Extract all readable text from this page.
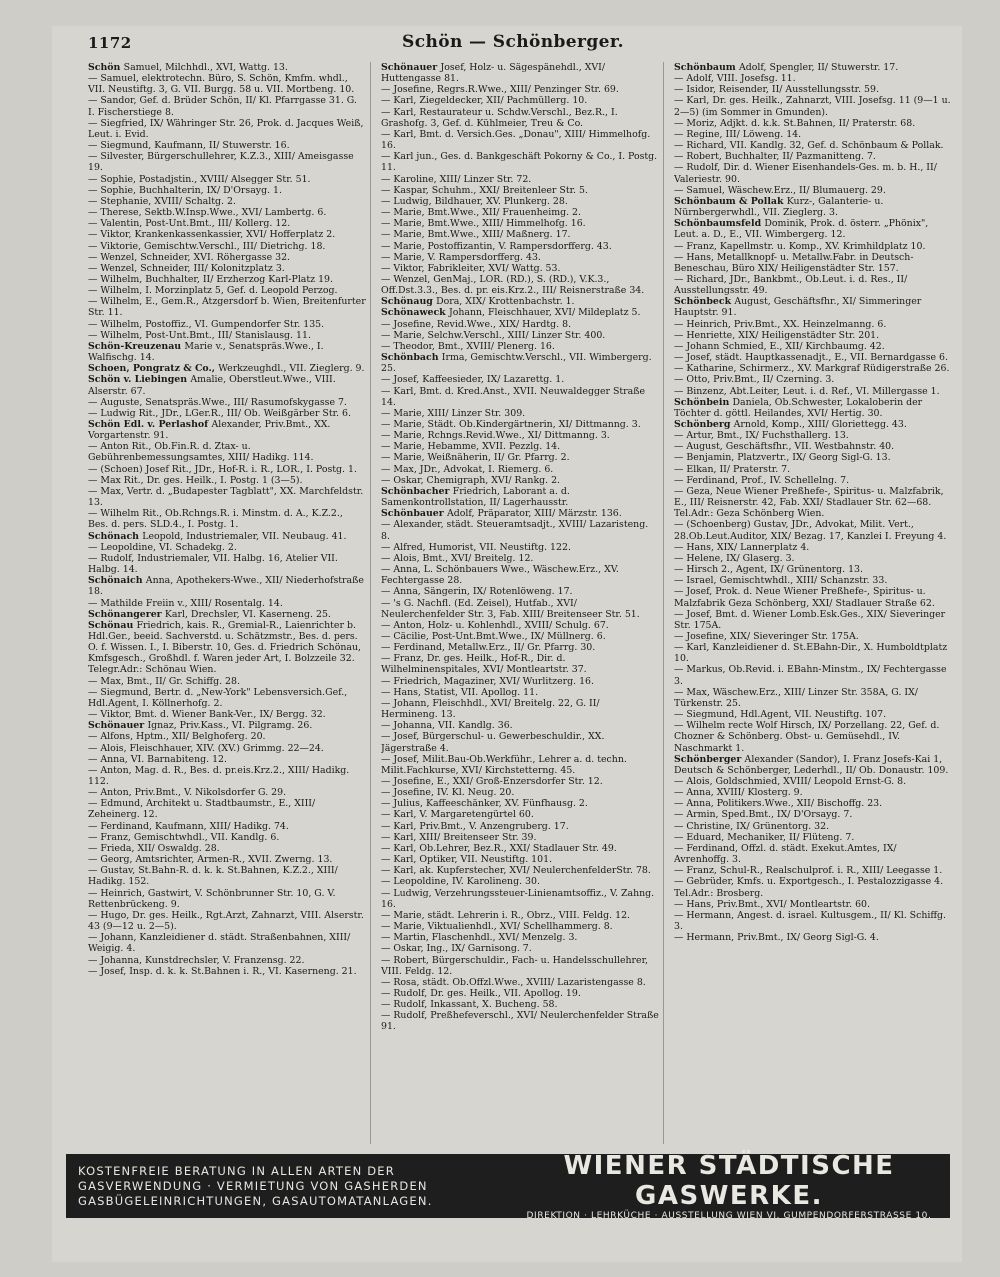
1172	Schön — Schönberger.

Schön Samuel, Milchhdl., XVI, Wattg. 13.

— Samuel, elektrotechn. Büro, S. Schön, Kmfm. whdl., VII. Neustiftg. 3, G. VII. Burgg. 58 u. VII. Mortbeng. 10.

— Sandor, Gef. d. Brüder Schön, II/ Kl. Pfarrgasse 31. G. I. Fischerstiege 8.

— Siegfried, IX/ Währinger Str. 26, Prok. d. Jacques Weiß, Leut. i. Evid.

— Siegmund, Kaufmann, II/ Stuwerstr. 16.

— Silvester, Bürgerschullehrer, K.Z.3., XIII/ Ameisgasse 19.

— Sophie, Postadjstin., XVIII/ Alsegger Str. 51.

— Sophie, Buchhalterin, IX/ D'Orsayg. 1.

— Stephanie, XVIII/ Schaltg. 2.

— Therese, Sektb.W.Insp.Wwe., XVI/ Lambertg. 6.

— Valentin, Post-Unt.Bmt., III/ Kollerg. 12.

— Viktor, Krankenkassenkassier, XVI/ Hofferplatz 2.

— Viktorie, Gemischtw.Verschl., III/ Dietrichg. 18.

— Wenzel, Schneider, XVI. Röhergasse 32.

— Wenzel, Schneider, III/ Kolonitzplatz 3.

— Wilhelm, Buchhalter, II/ Erzherzog Karl-Platz 19.

— Wilhelm, I. Morzinplatz 5, Gef. d. Leopold Perzog.

— Wilhelm, E., Gem.R., Atzgersdorf b. Wien, Breitenfurter Str. 11.

— Wilhelm, Postoffiz., VI. Gumpendorfer Str. 135.

— Wilhelm, Post-Unt.Bmt., III/ Stanislausg. 11.

Schön-Kreuzenau Marie v., Senatspräs.Wwe., I. Walfischg. 14.

Schoen, Pongratz & Co., Werkzeughdl., VII. Zieglerg. 9.

Schön v. Liebingen Amalie, Oberstleut.Wwe., VIII. Alserstr. 67.

— Auguste, Senatspräs.Wwe., III/ Rasumofskygasse 7.

— Ludwig Rit., JDr., LGer.R., III/ Ob. Weißgärber Str. 6.

Schön Edl. v. Perlashof Alexander, Priv.Bmt., XX. Vorgartenstr. 91.

— Anton Rit., Ob.Fin.R. d. Ztax- u. Gebührenbemessungsamtes, XIII/ Hadikg. 114.

— (Schoen) Josef Rit., JDr., Hof-R. i. R., LOR., I. Postg. 1.

— Max Rit., Dr. ges. Heilk., I. Postg. 1 (3—5).

— Max, Vertr. d. „Budapester Tagblatt", XX. Marchfeldstr. 13.

— Wilhelm Rit., Ob.Rchngs.R. i. Minstm. d. A., K.Z.2., Bes. d. pers. SLD.4., I. Postg. 1.

Schönach Leopold, Industriemaler, VII. Neubaug. 41.

— Leopoldine, VI. Schadekg. 2.

— Rudolf, Industriemaler, VII. Halbg. 16, Atelier VII. Halbg. 14.

Schönaich Anna, Apothekers-Wwe., XII/ Niederhofstraße 18.

— Mathilde Freiin v., XIII/ Rosentalg. 14.

Schönangerer Karl, Drechsler, VI. Kaserneng. 25.

Schönau Friedrich, kais. R., Gremial-R., Laienrichter b. Hdl.Ger., beeid. Sachverstd. u. Schätzmstr., Bes. d. pers. O. f. Wissen. I., I. Biberstr. 10, Ges. d. Friedrich Schönau, Kmfsgesch., Großhdl. f. Waren jeder Art, I. Bolzzeile 32. Telegr.Adr.: Schönau Wien.

— Max, Bmt., II/ Gr. Schiffg. 28.

— Siegmund, Bertr. d. „New-York" Lebensversich.Gef., Hdl.Agent, I. Köllnerhofg. 2.

— Viktor, Bmt. d. Wiener Bank-Ver., IX/ Bergg. 32.

Schönauer Ignaz, Priv.Kass., VI. Pilgramg. 26.

— Alfons, Hptm., XII/ Belghoferg. 20.

— Alois, Fleischhauer, XIV. (XV.) Grimmg. 22—24.

— Anna, VI. Barnabiteng. 12.

— Anton, Mag. d. R., Bes. d. pr.eis.Krz.2., XIII/ Hadikg. 112.

— Anton, Priv.Bmt., V. Nikolsdorfer G. 29.

— Edmund, Architekt u. Stadtbaumstr., E., XIII/ Zeheinerg. 12.

— Ferdinand, Kaufmann, XIII/ Hadikg. 74.

— Franz, Gemischtwhdl., VII. Kandlg. 6.

— Frieda, XII/ Oswaldg. 28.

— Georg, Amtsrichter, Armen-R., XVII. Zwerng. 13.

— Gustav, St.Bahn-R. d. k. k. St.Bahnen, K.Z.2., XIII/ Hadikg. 152.

— Heinrich, Gastwirt, V. Schönbrunner Str. 10, G. V. Rettenbrückeng. 9.

— Hugo, Dr. ges. Heilk., Rgt.Arzt, Zahnarzt, VIII. Alserstr. 43 (9—12 u. 2—5).

— Johann, Kanzleidiener d. städt. Straßenbahnen, XIII/ Weigig. 4.

— Johanna, Kunstdrechsler, V. Franzensg. 22.

— Josef, Insp. d. k. k. St.Bahnen i. R., VI. Kaserneng. 21.

Schönauer Josef, Holz- u. Sägespänehdl., XVI/ Huttengasse 81.

— Josefine, Regrs.R.Wwe., XIII/ Penzinger Str. 69.

— Karl, Ziegeldecker, XII/ Pachmüllerg. 10.

— Karl, Restaurateur u. Schdw.Verschl., Bez.R., I. Grashofg. 3, Gef. d. Kühlmeier, Treu & Co.

— Karl, Bmt. d. Versich.Ges. „Donau", XIII/ Himmelhofg. 16.

— Karl jun., Ges. d. Bankgeschäft Pokorny & Co., I. Postg. 11.

— Karoline, XIII/ Linzer Str. 72.

— Kaspar, Schuhm., XXI/ Breitenleer Str. 5.

— Ludwig, Bildhauer, XV. Plunkerg. 28.

— Marie, Bmt.Wwe., XII/ Frauenheimg. 2.

— Marie, Bmt.Wwe., XIII/ Himmelhofg. 16.

— Marie, Bmt.Wwe., XIII/ Maßnerg. 17.

— Marie, Postoffizantin, V. Rampersdorfferg. 43.

— Marie, V. Rampersdorfferg. 43.

— Viktor, Fabrikleiter, XVI/ Wattg. 53.

— Wenzel, GenMaj., LOR. (RD.), S. (RD.), V.K.3., Off.Dst.3.3., Bes. d. pr. eis.Krz.2., III/ Reisnerstraße 34.

Schönaug Dora, XIX/ Krottenbachstr. 1.

Schönaweck Johann, Fleischhauer, XVI/ Mildeplatz 5.

— Josefine, Revid.Wwe., XIX/ Hardtg. 8.

— Marie, Selchw.Verschl., XIII/ Linzer Str. 400.

— Theodor, Bmt., XVIII/ Plenerg. 16.

Schönbach Irma, Gemischtw.Verschl., VII. Wimbergerg. 25.

— Josef, Kaffeesieder, IX/ Lazarettg. 1.

— Karl, Bmt. d. Kred.Anst., XVII. Neuwaldegger Straße 14.

— Marie, XIII/ Linzer Str. 309.

— Marie, Städt. Ob.Kindergärtnerin, XI/ Dittmanng. 3.

— Marie, Rchngs.Revid.Wwe., XI/ Dittmanng. 3.

— Marie, Hebamme, XVII. Pezzlg. 14.

— Marie, Weißnäherin, II/ Gr. Pfarrg. 2.

— Max, JDr., Advokat, I. Riemerg. 6.

— Oskar, Chemigraph, XVI/ Rankg. 2.

Schönbacher Friedrich, Laborant a. d. Samenkontrollstation, II/ Lagerhausstr.

Schönbauer Adolf, Präparator, XIII/ Märzstr. 136.

— Alexander, städt. Steueramtsadjt., XVIII/ Lazaristeng. 8.

— Alfred, Humorist, VII. Neustiftg. 122.

— Alois, Bmt., XVI/ Breitelg. 12.

— Anna, L. Schönbauers Wwe., Wäschew.Erz., XV. Fechtergasse 28.

— Anna, Sängerin, IX/ Rotenlöweng. 17.

— 's G. Nachfl. (Ed. Zeisel), Hutfab., XVI/ Neulerchenfelder Str. 3, Fab. XIII/ Breitenseer Str. 51.

— Anton, Holz- u. Kohlenhdl., XVIII/ Schulg. 67.

— Cäcilie, Post-Unt.Bmt.Wwe., IX/ Müllnerg. 6.

— Ferdinand, Metallw.Erz., II/ Gr. Pfarrg. 30.

— Franz, Dr. ges. Heilk., Hof-R., Dir. d. Wilhelminenspitales, XVI/ Montleartstr. 37.

— Friedrich, Magaziner, XVI/ Wurlitzerg. 16.

— Hans, Statist, VII. Apollog. 11.

— Johann, Fleischhdl., XVI/ Breitelg. 22, G. II/ Hermineng. 13.

— Johanna, VII. Kandlg. 36.

— Josef, Bürgerschul- u. Gewerbeschuldir., XX. Jägerstraße 4.

— Josef, Milit.Bau-Ob.Werkführ., Lehrer a. d. techn. Milit.Fachkurse, XVI/ Kirchstetterng. 45.

— Josefine, E., XXI/ Groß-Enzersdorfer Str. 12.

— Josefine, IV. Kl. Neug. 20.

— Julius, Kaffeeschänker, XV. Fünfhausg. 2.

— Karl, V. Margaretengürtel 60.

— Karl, Priv.Bmt., V. Anzengruberg. 17.

— Karl, XIII/ Breitenseer Str. 39.

— Karl, Ob.Lehrer, Bez.R., XXI/ Stadlauer Str. 49.

— Karl, Optiker, VII. Neustiftg. 101.

— Karl, ak. Kupferstecher, XVI/ NeulerchenfelderStr. 78.

— Leopoldine, IV. Karolineng. 30.

— Ludwig, Verzehrungssteuer-Linienamtsoffiz., V. Zahng. 16.

— Marie, städt. Lehrerin i. R., Obrz., VIII. Feldg. 12.

— Marie, Viktualienhdl., XVI/ Schellhammerg. 8.

— Martin, Flaschenhdl., XVI/ Menzelg. 3.

— Oskar, Ing., IX/ Garnisong. 7.

— Robert, Bürgerschuldir., Fach- u. Handelsschullehrer, VIII. Feldg. 12.

— Rosa, städt. Ob.Offzl.Wwe., XVIII/ Lazaristengasse 8.

— Rudolf, Dr. ges. Heilk., VII. Apollog. 19.

— Rudolf, Inkassant, X. Bucheng. 58.

— Rudolf, Preßhefeverschl., XVI/ Neulerchenfelder Straße 91.

Schönbaum Adolf, Spengler, II/ Stuwerstr. 17.

— Adolf, VIII. Josefsg. 11.

— Isidor, Reisender, II/ Ausstellungsstr. 59.

— Karl, Dr. ges. Heilk., Zahnarzt, VIII. Josefsg. 11 (9—1 u. 2—5) (im Sommer in Gmunden).

— Moriz, Adjkt. d. k.k. St.Bahnen, II/ Praterstr. 68.

— Regine, III/ Löweng. 14.

— Richard, VII. Kandlg. 32, Gef. d. Schönbaum & Pollak.

— Robert, Buchhalter, II/ Pazmanitteng. 7.

— Rudolf, Dir. d. Wiener Eisenhandels-Ges. m. b. H., II/ Valeriestr. 90.

— Samuel, Wäschew.Erz., II/ Blumauerg. 29.

Schönbaum & Pollak Kurz-, Galanterie- u. Nürnbergerwhdl., VII. Zieglerg. 3.

Schönbaumsfeld Dominik, Prok. d. österr. „Phönix", Leut. a. D., E., VII. Wimbergerg. 12.

— Franz, Kapellmstr. u. Komp., XV. Krimhildplatz 10.

— Hans, Metallknopf- u. Metallw.Fabr. in Deutsch-Beneschau, Büro XIX/ Heiligenstädter Str. 157.

— Richard, JDr., Bankbmt., Ob.Leut. i. d. Res., II/ Ausstellungsstr. 49.

Schönbeck August, Geschäftsfhr., XI/ Simmeringer Hauptstr. 91.

— Heinrich, Priv.Bmt., XX. Heinzelmanng. 6.

— Henriette, XIX/ Heiligenstädter Str. 201.

— Johann Schmied, E., XII/ Kirchbaumg. 42.

— Josef, städt. Hauptkassenadjt., E., VII. Bernardgasse 6.

— Katharine, Schirmerz., XV. Markgraf Rüdigerstraße 26.

— Otto, Priv.Bmt., II/ Czerning. 3.

— Binzenz, Abt.Leiter, Leut. i. d. Ref., VI. Millergasse 1.

Schönbein Daniela, Ob.Schwester, Lokaloberin der Töchter d. göttl. Heilandes, XVI/ Hertig. 30.

Schönberg Arnold, Komp., XIII/ Gloriettegg. 43.

— Artur, Bmt., IX/ Fuchsthallerg. 13.

— August, Geschäftsfhr., VII. Westbahnstr. 40.

— Benjamin, Platzvertr., IX/ Georg Sigl-G. 13.

— Elkan, II/ Praterstr. 7.

— Ferdinand, Prof., IV. Schellelng. 7.

— Geza, Neue Wiener Preßhefe-, Spiritus- u. Malzfabrik, E., III/ Reisnerstr. 42, Fab. XXI/ Stadlauer Str. 62—68. Tel.Adr.: Geza Schönberg Wien.

— (Schoenberg) Gustav, JDr., Advokat, Milit. Vert., 28.Ob.Leut.Auditor, XIX/ Bezag. 17, Kanzlei I. Freyung 4.

— Hans, XIX/ Lannerplatz 4.

— Helene, IX/ Glaserg. 3.

— Hirsch 2., Agent, IX/ Grünentorg. 13.

— Israel, Gemischtwhdl., XIII/ Schanzstr. 33.

— Josef, Prok. d. Neue Wiener Preßhefe-, Spiritus- u. Malzfabrik Geza Schönberg, XXI/ Stadlauer Straße 62.

— Josef, Bmt. d. Wiener Lomb.Esk.Ges., XIX/ Sieveringer Str. 175A.

— Josefine, XIX/ Sieveringer Str. 175A.

— Karl, Kanzleidiener d. St.EBahn-Dir., X. Humboldtplatz 10.

— Markus, Ob.Revid. i. EBahn-Minstm., IX/ Fechtergasse 3.

— Max, Wäschew.Erz., XIII/ Linzer Str. 358A, G. IX/ Türkenstr. 25.

— Siegmund, Hdl.Agent, VII. Neustiftg. 107.

— Wilhelm recte Wolf Hirsch, IX/ Porzellang. 22, Gef. d. Chozner & Schönberg. Obst- u. Gemüsehdl., IV. Naschmarkt 1.

Schönberger Alexander (Sandor), I. Franz Josefs-Kai 1, Deutsch & Schönberger, Lederhdl., II/ Ob. Donaustr. 109.

— Alois, Goldschmied, XVIII/ Leopold Ernst-G. 8.

— Anna, XVIII/ Klosterg. 9.

— Anna, Politikers.Wwe., XII/ Bischoffg. 23.

— Armin, Sped.Bmt., IX/ D'Orsayg. 7.

— Christine, IX/ Grünentorg. 32.

— Eduard, Mechaniker, II/ Flüteng. 7.

— Ferdinand, Offzl. d. städt. Exekut.Amtes, IX/ Avrenhoffg. 3.

— Franz, Schul-R., Realschulprof. i. R., XIII/ Leegasse 1.

— Gebrüder, Kmfs. u. Exportgesch., I. Pestalozzigasse 4. Tel.Adr.: Brosberg.

— Hans, Priv.Bmt., XVI/ Montleartstr. 60.

— Hermann, Angest. d. israel. Kultusgem., II/ Kl. Schiffg. 3.

— Hermann, Priv.Bmt., IX/ Georg Sigl-G. 4.

KOSTENFREIE BERATUNG IN ALLEN ARTEN DER
GASVERWENDUNG · VERMIETUNG VON GASHERDEN
GASBÜGELEINRICHTUNGEN, GASAUTOMATANLAGEN.
WIENER STÄDTISCHE GASWERKE.
DIREKTION · LEHRKÜCHE · AUSSTELLUNG WIEN VI. GUMPENDORFERSTRASSE 10.
